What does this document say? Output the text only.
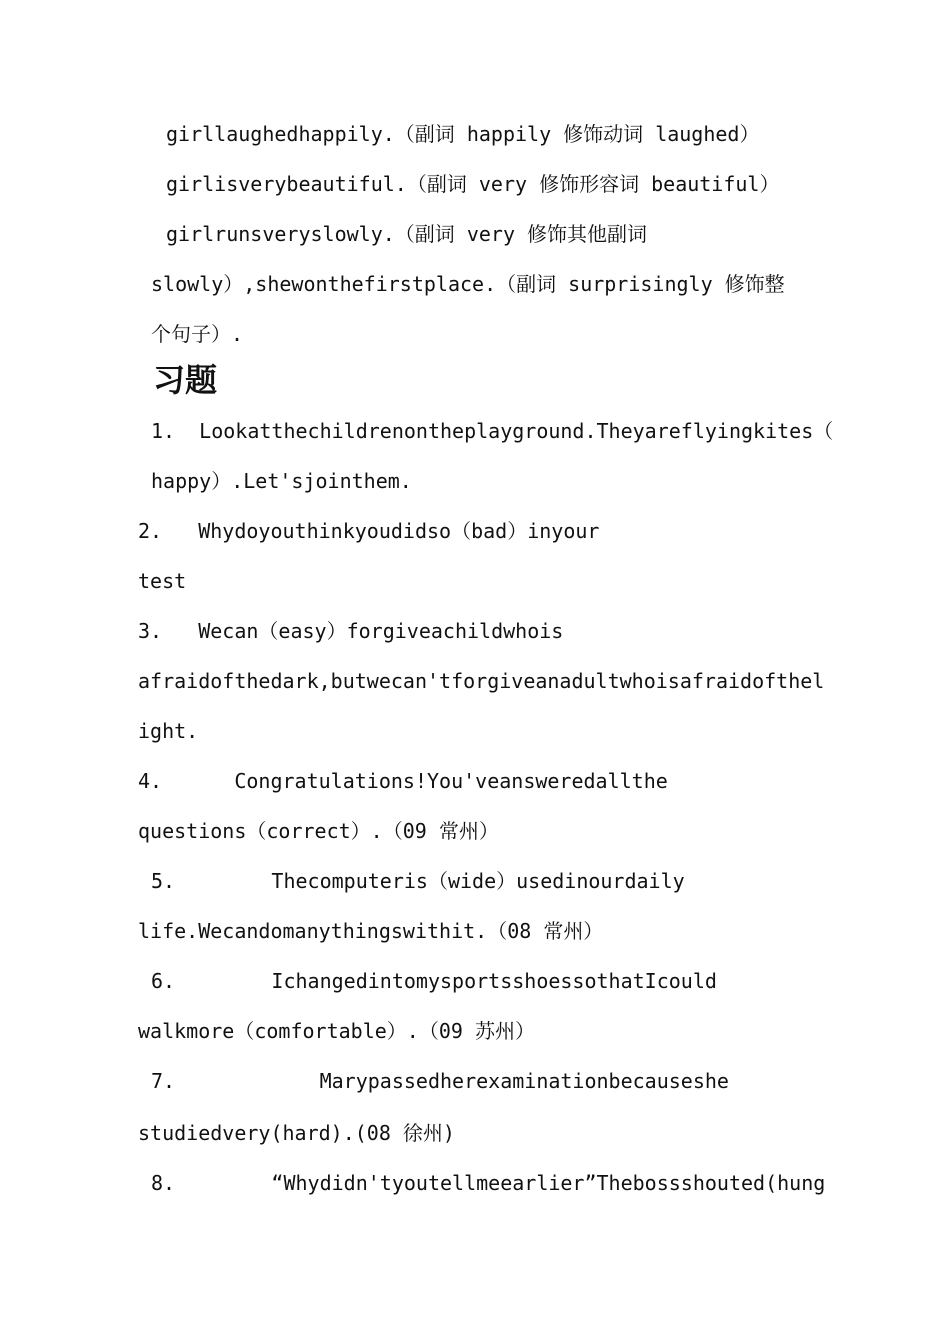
girllaughedhappily.（副词 happily 修饰动词 laughed）
girlisverybeautiful.（副词 very 修饰形容词 beautiful）
girlrunsveryslowly.（副词 very 修饰其他副词
slowly）,shewonthefirstplace.（副词 surprisingly 修饰整
个句子）.
习题
1.  Lookatthechildrenontheplayground.Theyareflyingkites（
happy）.Let'sjointhem.
2.   Whydoyouthinkyoudidso（bad）inyour
test
3.   Wecan（easy）forgiveachildwhois
afraidofthedark,butwecan'tforgiveanadultwhoisafraidofthel
ight.
4.      Congratulations!You'veansweredallthe
questions（correct）.（09 常州）
5.        Thecomputeris（wide）usedinourdaily
life.Wecandomanythingswithit.（08 常州）
6.        IchangedintomysportsshoessothatIcould
walkmore（comfortable）.（09 苏州）
7.            Marypassedherexaminationbecauseshe
studiedvery(hard).(08 徐州)
8.        “Whydidn'tyoutellmeearlier”Thebossshouted(hung
